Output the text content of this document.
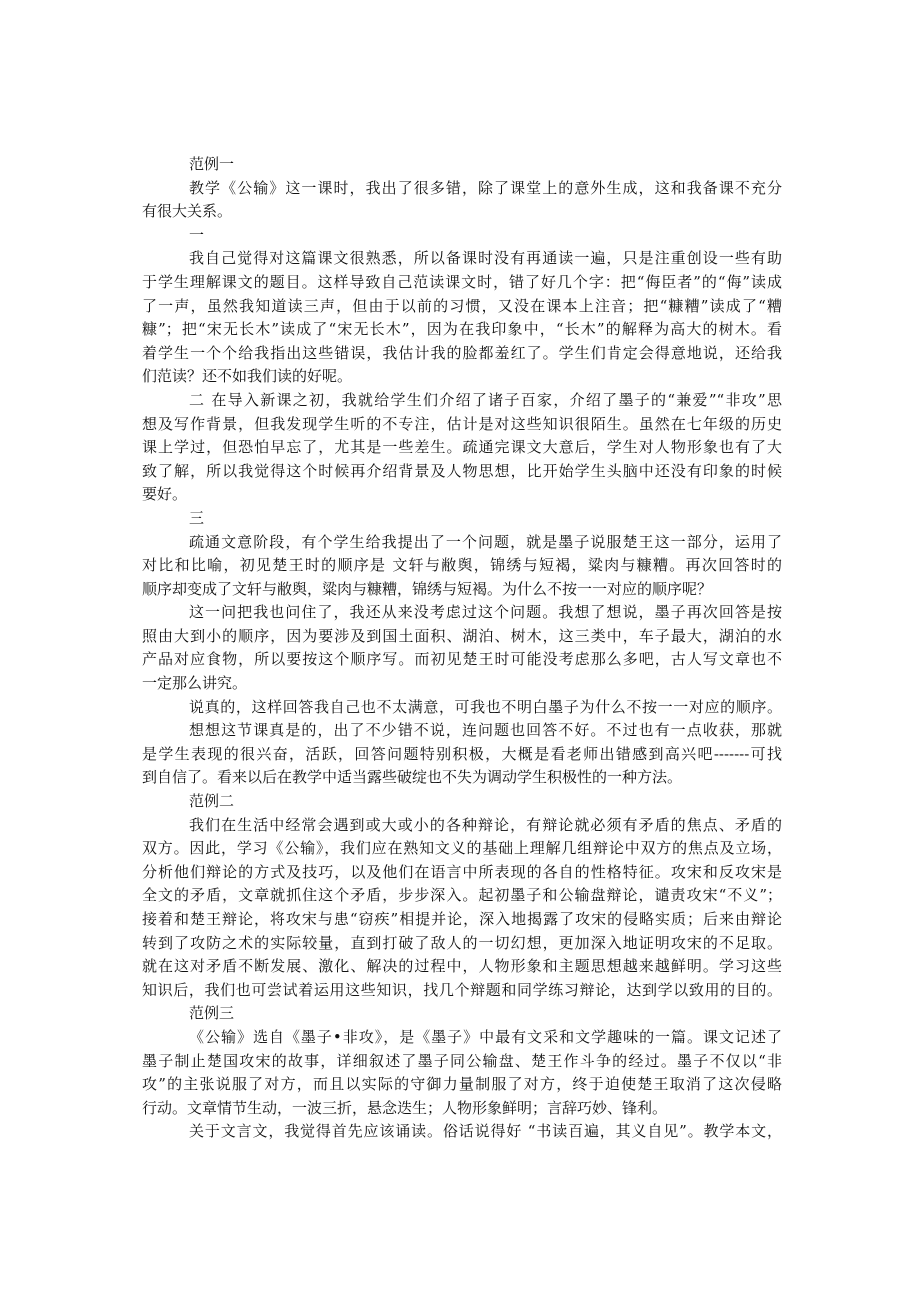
范例一
教学《公输》这一课时，我出了很多错，除了课堂上的意外生成，这和我备课不充分
有很大关系。
一
我自己觉得对这篇课文很熟悉，所以备课时没有再通读一遍，只是注重创设一些有助
于学生理解课文的题目。这样导致自己范读课文时，错了好几个字：把“侮臣者”的“侮”读成
了一声，虽然我知道读三声，但由于以前的习惯，又没在课本上注音；把“糠糟”读成了“糟
糠”；把“宋无长木”读成了“宋无长木”，因为在我印象中，“长木”的解释为高大的树木。看
着学生一个个给我指出这些错误，我估计我的脸都羞红了。学生们肯定会得意地说，还给我
们范读？还不如我们读的好呢。
二 在导入新课之初，我就给学生们介绍了诸子百家，介绍了墨子的“兼爱”“非攻”思
想及写作背景，但我发现学生听的不专注，估计是对这些知识很陌生。虽然在七年级的历史
课上学过，但恐怕早忘了，尤其是一些差生。疏通完课文大意后，学生对人物形象也有了大
致了解，所以我觉得这个时候再介绍背景及人物思想，比开始学生头脑中还没有印象的时候
要好。
三
疏通文意阶段，有个学生给我提出了一个问题，就是墨子说服楚王这一部分，运用了
对比和比喻，初见楚王时的顺序是 文轩与敝舆，锦绣与短褐，粱肉与糠糟。再次回答时的
顺序却变成了文轩与敝舆，粱肉与糠糟，锦绣与短褐。为什么不按一一对应的顺序呢？
这一问把我也问住了，我还从来没考虑过这个问题。我想了想说，墨子再次回答是按
照由大到小的顺序，因为要涉及到国土面积、湖泊、树木，这三类中，车子最大，湖泊的水
产品对应食物，所以要按这个顺序写。而初见楚王时可能没考虑那么多吧，古人写文章也不
一定那么讲究。
说真的，这样回答我自己也不太满意，可我也不明白墨子为什么不按一一对应的顺序。
想想这节课真是的，出了不少错不说，连问题也回答不好。不过也有一点收获，那就
是学生表现的很兴奋，活跃，回答问题特别积极，大概是看老师出错感到高兴吧-------可找
到自信了。看来以后在教学中适当露些破绽也不失为调动学生积极性的一种方法。
范例二
我们在生活中经常会遇到或大或小的各种辩论，有辩论就必须有矛盾的焦点、矛盾的
双方。因此，学习《公输》，我们应在熟知文义的基础上理解几组辩论中双方的焦点及立场，
分析他们辩论的方式及技巧，以及他们在语言中所表现的各自的性格特征。攻宋和反攻宋是
全文的矛盾，文章就抓住这个矛盾，步步深入。起初墨子和公输盘辩论，谴责攻宋“不义”；
接着和楚王辩论，将攻宋与患“窃疾”相提并论，深入地揭露了攻宋的侵略实质；后来由辩论
转到了攻防之术的实际较量，直到打破了敌人的一切幻想，更加深入地证明攻宋的不足取。
就在这对矛盾不断发展、激化、解决的过程中，人物形象和主题思想越来越鲜明。学习这些
知识后，我们也可尝试着运用这些知识，找几个辩题和同学练习辩论，达到学以致用的目的。
范例三
《公输》选自《墨子•非攻》，是《墨子》中最有文采和文学趣味的一篇。课文记述了
墨子制止楚国攻宋的故事，详细叙述了墨子同公输盘、楚王作斗争的经过。墨子不仅以“非
攻”的主张说服了对方，而且以实际的守御力量制服了对方，终于迫使楚王取消了这次侵略
行动。文章情节生动，一波三折，悬念迭生；人物形象鲜明；言辞巧妙、锋利。
关于文言文，我觉得首先应该诵读。俗话说得好 “书读百遍，其义自见”。教学本文，
